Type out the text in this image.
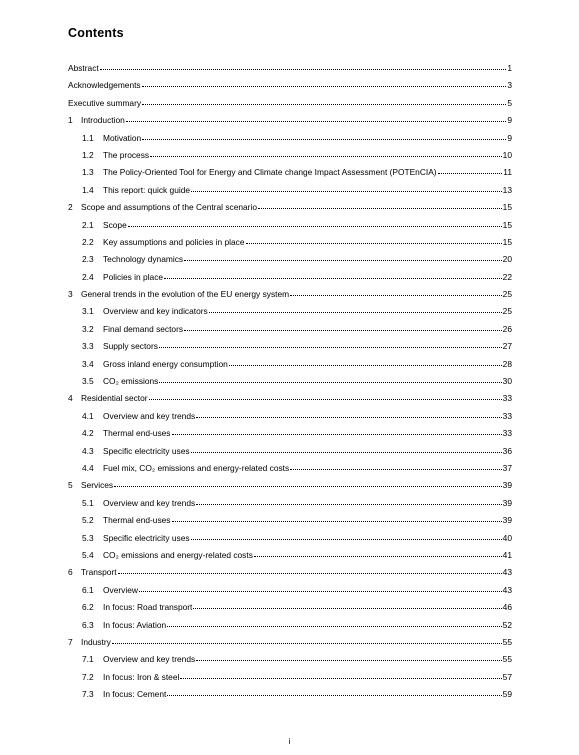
Contents
Abstract	1
Acknowledgements	3
Executive summary	5
1 Introduction	9
1.1	Motivation	9
1.2	The process	10
1.3	The Policy-Oriented Tool for Energy and Climate change Impact Assessment (POTEnCIA)	11
1.4	This report: quick guide	13
2 Scope and assumptions of the Central scenario	15
2.1	Scope	15
2.2	Key assumptions and policies in place	15
2.3	Technology dynamics	20
2.4	Policies in place	22
3 General trends in the evolution of the EU energy system	25
3.1	Overview and key indicators	25
3.2	Final demand sectors	26
3.3	Supply sectors	27
3.4	Gross inland energy consumption	28
3.5	CO₂ emissions	30
4 Residential sector	33
4.1	Overview and key trends	33
4.2	Thermal end-uses	33
4.3	Specific electricity uses	36
4.4	Fuel mix, CO₂ emissions and energy-related costs	37
5 Services	39
5.1	Overview and key trends	39
5.2	Thermal end-uses	39
5.3	Specific electricity uses	40
5.4	CO₂ emissions and energy-related costs	41
6 Transport	43
6.1	Overview	43
6.2	In focus: Road transport	46
6.3	In focus: Aviation	52
7 Industry	55
7.1	Overview and key trends	55
7.2	In focus: Iron & steel	57
7.3	In focus: Cement	59
i
